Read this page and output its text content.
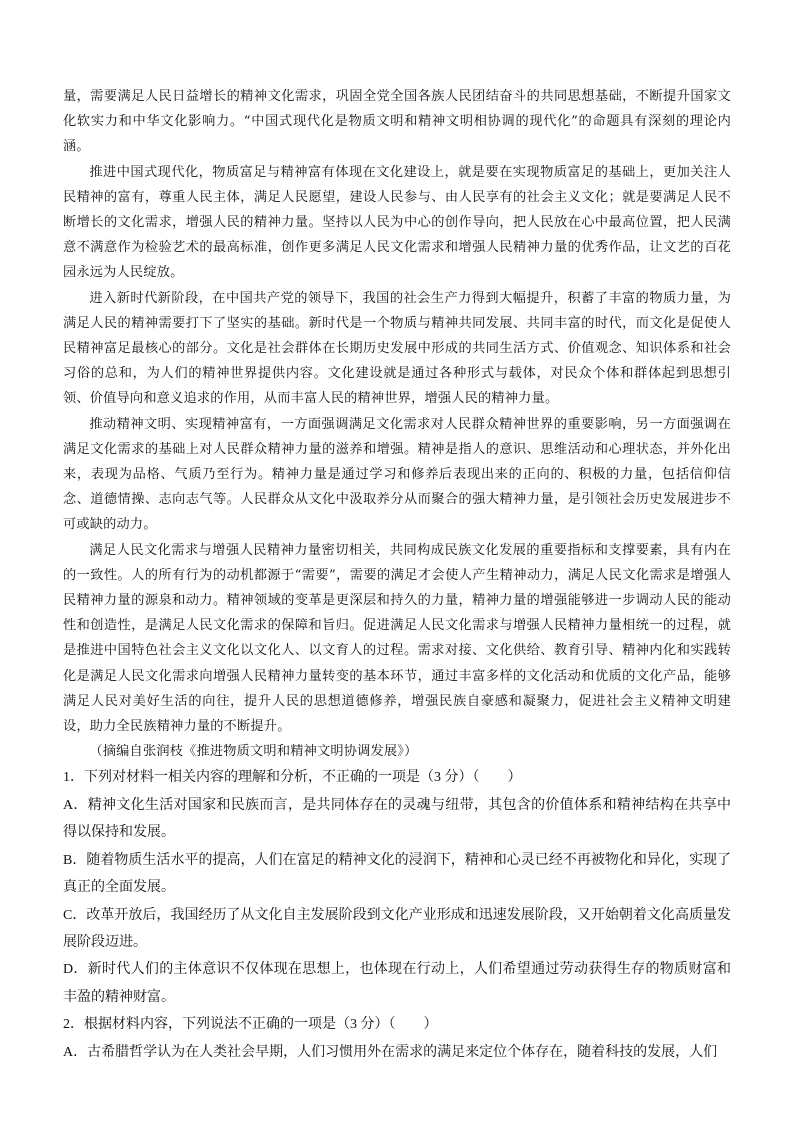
量，需要满足人民日益增长的精神文化需求，巩固全党全国各族人民团结奋斗的共同思想基础，不断提升国家文化软实力和中华文化影响力。“中国式现代化是物质文明和精神文明相协调的现代化”的命题具有深刻的理论内涵。

推进中国式现代化，物质富足与精神富有体现在文化建设上，就是要在实现物质富足的基础上，更加关注人民精神的富有，尊重人民主体，满足人民愿望，建设人民参与、由人民享有的社会主义文化；就是要满足人民不断增长的文化需求，增强人民的精神力量。坚持以人民为中心的创作导向，把人民放在心中最高位置，把人民满意不满意作为检验艺术的最高标准，创作更多满足人民文化需求和增强人民精神力量的优秀作品，让文艺的百花园永远为人民绽放。

进入新时代新阶段，在中国共产党的领导下，我国的社会生产力得到大幅提升，积蓄了丰富的物质力量，为满足人民的精神需要打下了坚实的基础。新时代是一个物质与精神共同发展、共同丰富的时代，而文化是促使人民精神富足最核心的部分。文化是社会群体在长期历史发展中形成的共同生活方式、价值观念、知识体系和社会习俗的总和，为人们的精神世界提供内容。文化建设就是通过各种形式与载体，对民众个体和群体起到思想引领、价值导向和意义追求的作用，从而丰富人民的精神世界，增强人民的精神力量。

推动精神文明、实现精神富有，一方面强调满足文化需求对人民群众精神世界的重要影响，另一方面强调在满足文化需求的基础上对人民群众精神力量的滋养和增强。精神是指人的意识、思维活动和心理状态，并外化出来，表现为品格、气质乃至行为。精神力量是通过学习和修养后表现出来的正向的、积极的力量，包括信仰信念、道德情操、志向志气等。人民群众从文化中汲取养分从而聚合的强大精神力量，是引领社会历史发展进步不可或缺的动力。

满足人民文化需求与增强人民精神力量密切相关，共同构成民族文化发展的重要指标和支撑要素，具有内在的一致性。人的所有行为的动机都源于“需要”，需要的满足才会使人产生精神动力，满足人民文化需求是增强人民精神力量的源泉和动力。精神领域的变革是更深层和持久的力量，精神力量的增强能够进一步调动人民的能动性和创造性，是满足人民文化需求的保障和旨归。促进满足人民文化需求与增强人民精神力量相统一的过程，就是推进中国特色社会主义文化以文化人、以文育人的过程。需求对接、文化供给、教育引导、精神内化和实践转化是满足人民文化需求向增强人民精神力量转变的基本环节，通过丰富多样的文化活动和优质的文化产品，能够满足人民对美好生活的向往，提升人民的思想道德修养，增强民族自豪感和凝聚力，促进社会主义精神文明建设，助力全民族精神力量的不断提升。

（摘编自张润枝《推进物质文明和精神文明协调发展》）

1．下列对材料一相关内容的理解和分析，不正确的一项是（3 分）（　　）

A．精神文化生活对国家和民族而言，是共同体存在的灵魂与纽带，其包含的价值体系和精神结构在共享中得以保持和发展。

B．随着物质生活水平的提高，人们在富足的精神文化的浸润下，精神和心灵已经不再被物化和异化，实现了真正的全面发展。

C．改革开放后，我国经历了从文化自主发展阶段到文化产业形成和迅速发展阶段，又开始朝着文化高质量发展阶段迈进。

D．新时代人们的主体意识不仅体现在思想上，也体现在行动上，人们希望通过劳动获得生存的物质财富和丰盈的精神财富。

2．根据材料内容，下列说法不正确的一项是（3 分）（　　）

A．古希腊哲学认为在人类社会早期，人们习惯用外在需求的满足来定位个体存在，随着科技的发展，人们
